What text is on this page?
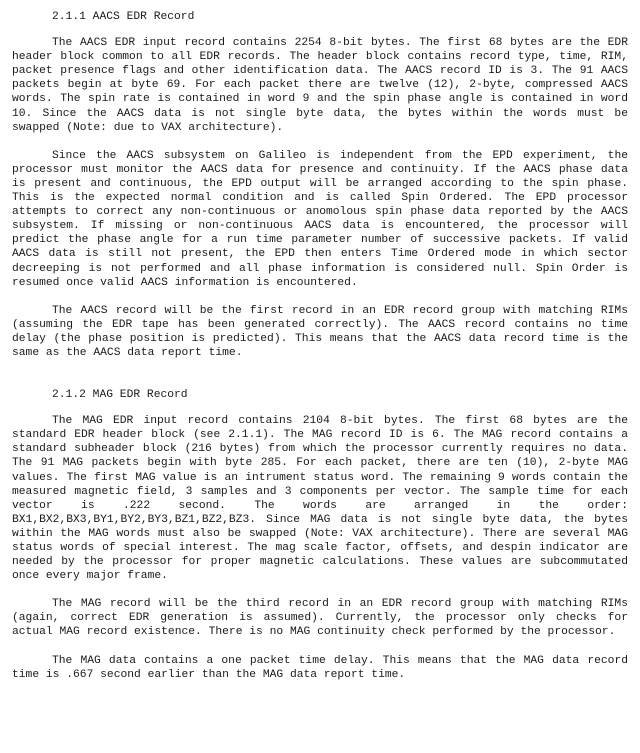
2.1.1 AACS EDR Record

The AACS EDR input record contains 2254 8-bit bytes. The first 68 bytes are the EDR header block common to all EDR records. The header block contains record type, time, RIM, packet presence flags and other identification data. The AACS record ID is 3. The 91 AACS packets begin at byte 69. For each packet there are twelve (12), 2-byte, compressed AACS words. The spin rate is contained in word 9 and the spin phase angle is contained in word 10. Since the AACS data is not single byte data, the bytes within the words must be swapped (Note: due to VAX architecture).

Since the AACS subsystem on Galileo is independent from the EPD experiment, the processor must monitor the AACS data for presence and continuity. If the AACS phase data is present and continuous, the EPD output will be arranged according to the spin phase. This is the expected normal condition and is called Spin Ordered. The EPD processor attempts to correct any non-continuous or anomolous spin phase data reported by the AACS subsystem. If missing or non-continuous AACS data is encountered, the processor will predict the phase angle for a run time parameter number of successive packets. If valid AACS data is still not present, the EPD then enters Time Ordered mode in which sector decreeping is not performed and all phase information is considered null. Spin Order is resumed once valid AACS information is encountered.

The AACS record will be the first record in an EDR record group with matching RIMs (assuming the EDR tape has been generated correctly). The AACS record contains no time delay (the phase position is predicted). This means that the AACS data record time is the same as the AACS data report time.

2.1.2 MAG EDR Record

The MAG EDR input record contains 2104 8-bit bytes. The first 68 bytes are the standard EDR header block (see 2.1.1). The MAG record ID is 6. The MAG record contains a standard subheader block (216 bytes) from which the processor currently requires no data. The 91 MAG packets begin with byte 285. For each packet, there are ten (10), 2-byte MAG values. The first MAG value is an intrument status word. The remaining 9 words contain the measured magnetic field, 3 samples and 3 components per vector. The sample time for each vector is .222 second. The words are arranged in the order: BX1,BX2,BX3,BY1,BY2,BY3,BZ1,BZ2,BZ3. Since MAG data is not single byte data, the bytes within the MAG words must also be swapped (Note: VAX architecture). There are several MAG status words of special interest. The mag scale factor, offsets, and despin indicator are needed by the processor for proper magnetic calculations. These values are subcommutated once every major frame.

The MAG record will be the third record in an EDR record group with matching RIMs (again, correct EDR generation is assumed). Currently, the processor only checks for actual MAG record existence. There is no MAG continuity check performed by the processor.

The MAG data contains a one packet time delay. This means that the MAG data record time is .667 second earlier than the MAG data report time.
